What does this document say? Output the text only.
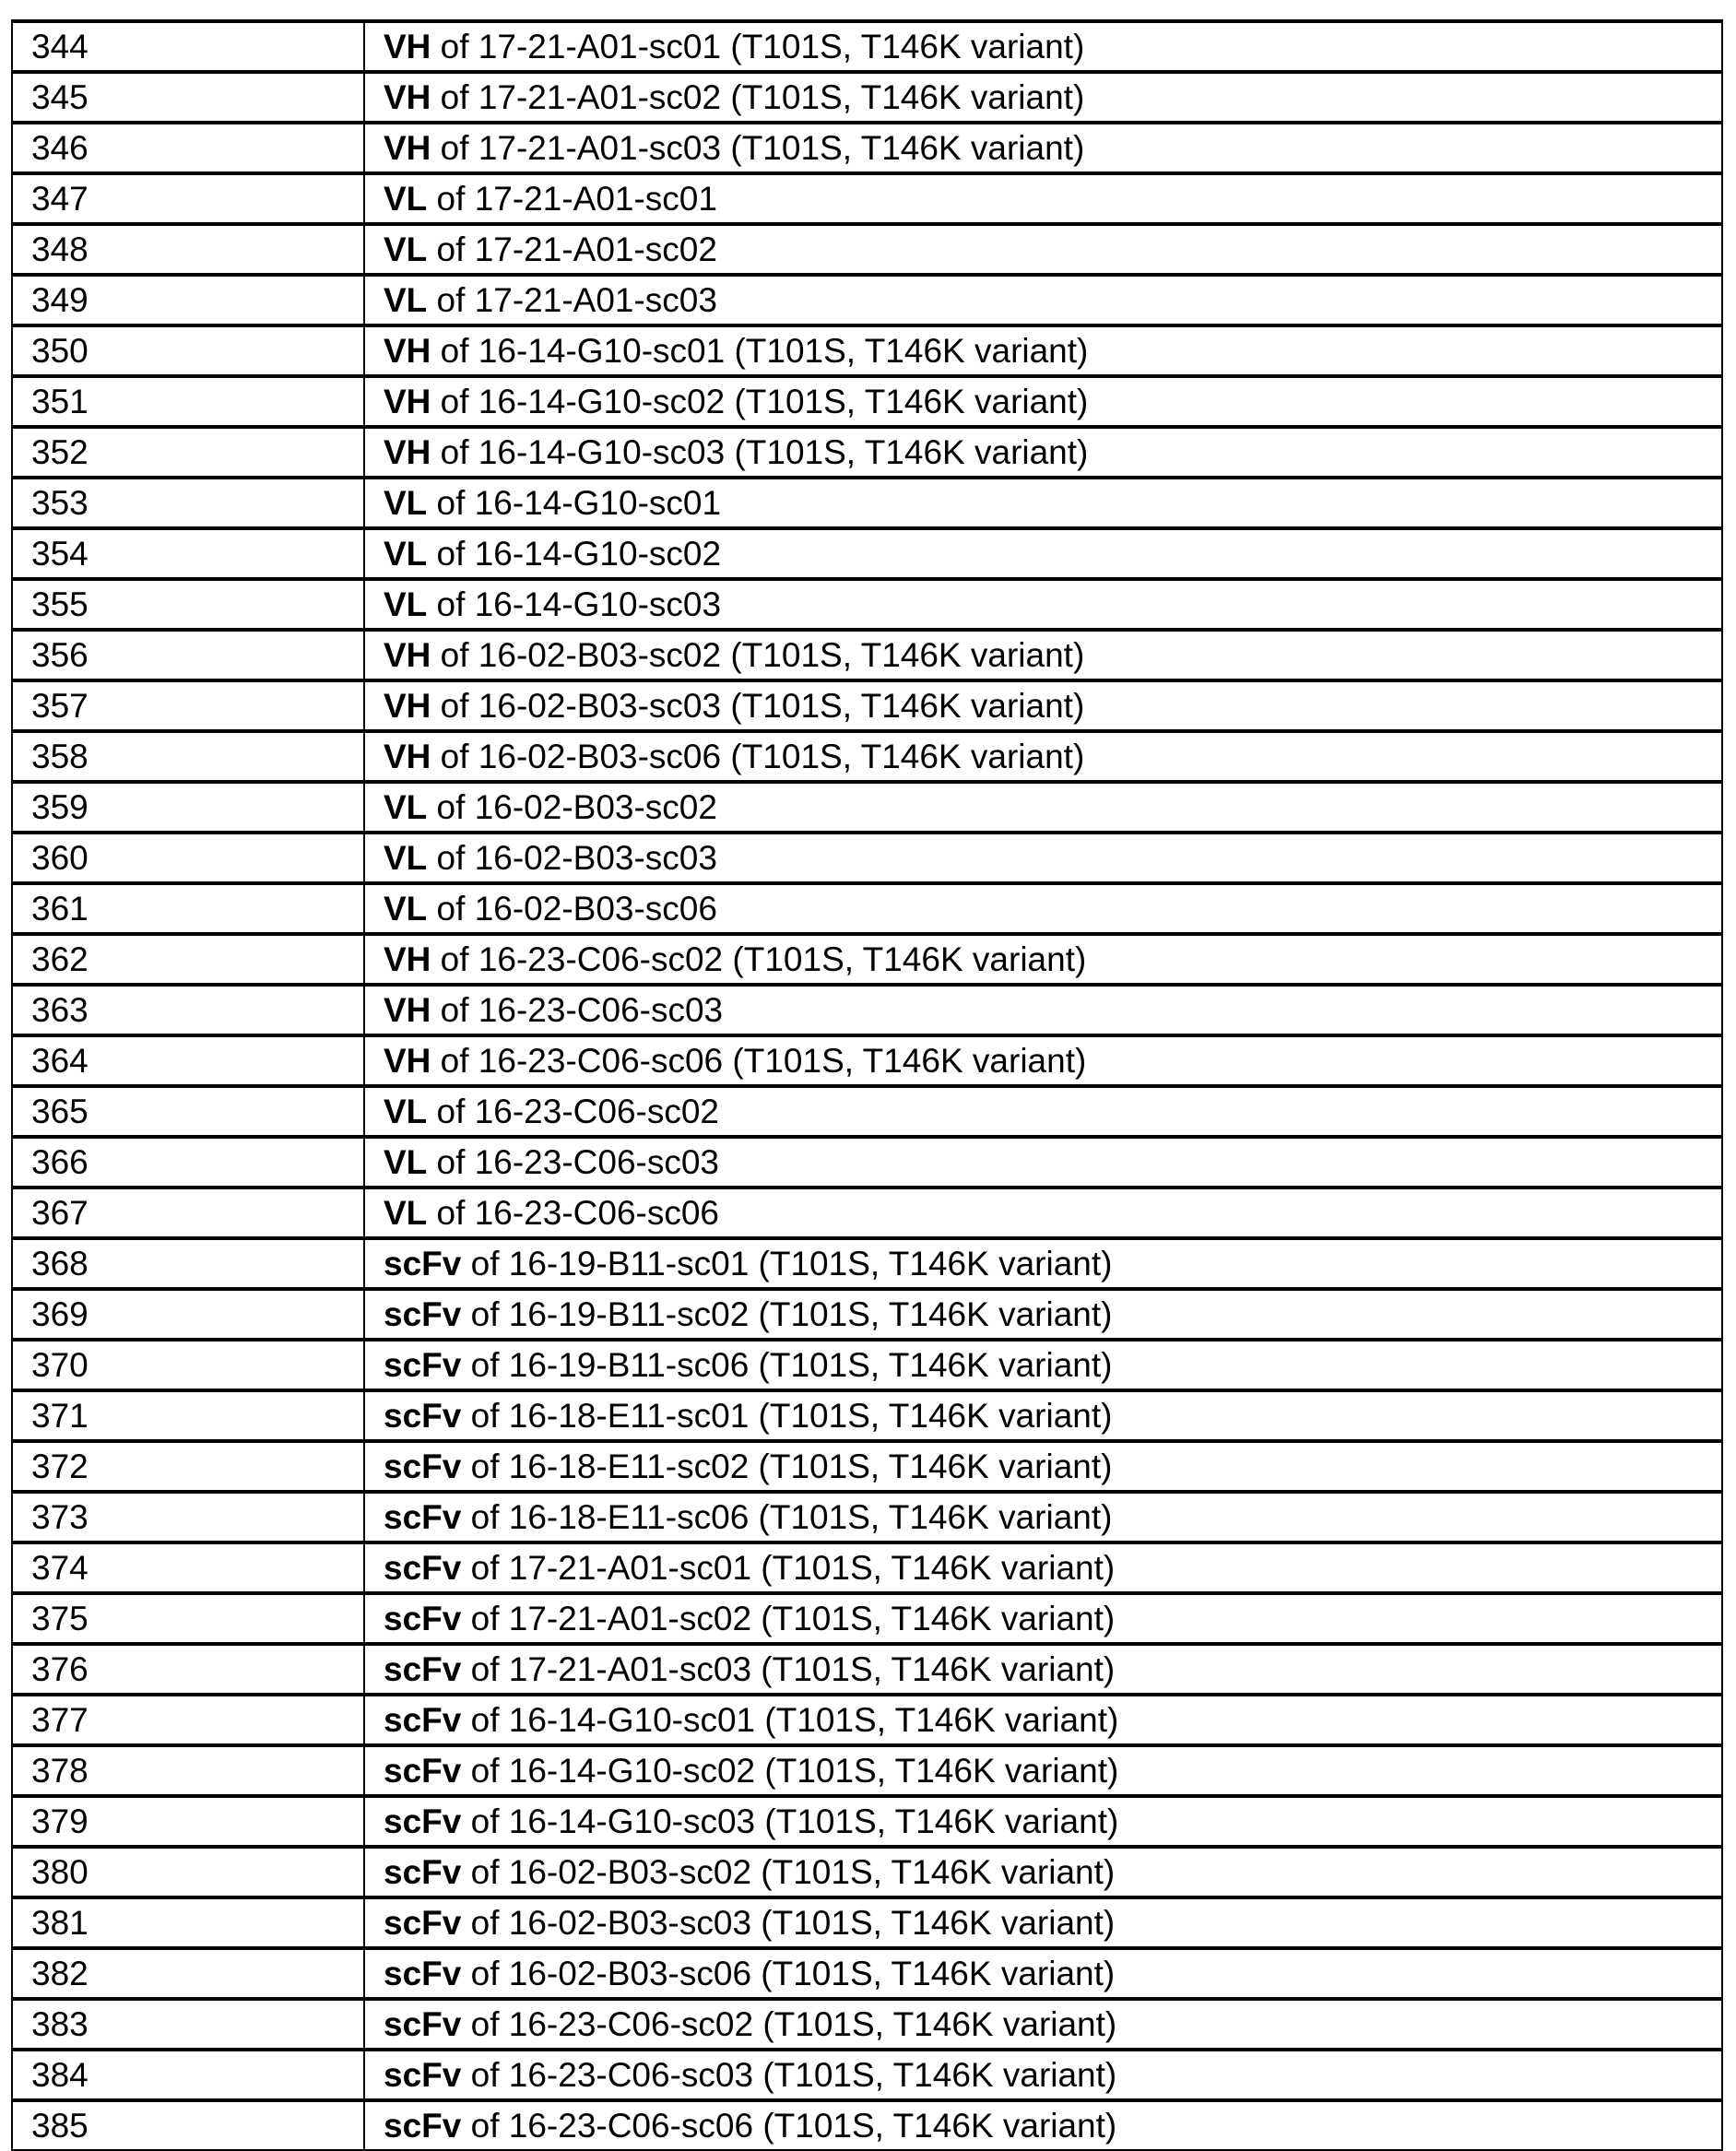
344	VH of 17-21-A01-sc01 (T101S, T146K variant)
345	VH of 17-21-A01-sc02 (T101S, T146K variant)
346	VH of 17-21-A01-sc03 (T101S, T146K variant)
347	VL of 17-21-A01-sc01
348	VL of 17-21-A01-sc02
349	VL of 17-21-A01-sc03
350	VH of 16-14-G10-sc01 (T101S, T146K variant)
351	VH of 16-14-G10-sc02 (T101S, T146K variant)
352	VH of 16-14-G10-sc03 (T101S, T146K variant)
353	VL of 16-14-G10-sc01
354	VL of 16-14-G10-sc02
355	VL of 16-14-G10-sc03
356	VH of 16-02-B03-sc02 (T101S, T146K variant)
357	VH of 16-02-B03-sc03 (T101S, T146K variant)
358	VH of 16-02-B03-sc06 (T101S, T146K variant)
359	VL of 16-02-B03-sc02
360	VL of 16-02-B03-sc03
361	VL of 16-02-B03-sc06
362	VH of 16-23-C06-sc02 (T101S, T146K variant)
363	VH of 16-23-C06-sc03
364	VH of 16-23-C06-sc06 (T101S, T146K variant)
365	VL of 16-23-C06-sc02
366	VL of 16-23-C06-sc03
367	VL of 16-23-C06-sc06
368	scFv of 16-19-B11-sc01 (T101S, T146K variant)
369	scFv of 16-19-B11-sc02 (T101S, T146K variant)
370	scFv of 16-19-B11-sc06 (T101S, T146K variant)
371	scFv of 16-18-E11-sc01 (T101S, T146K variant)
372	scFv of 16-18-E11-sc02 (T101S, T146K variant)
373	scFv of 16-18-E11-sc06 (T101S, T146K variant)
374	scFv of 17-21-A01-sc01 (T101S, T146K variant)
375	scFv of 17-21-A01-sc02 (T101S, T146K variant)
376	scFv of 17-21-A01-sc03 (T101S, T146K variant)
377	scFv of 16-14-G10-sc01 (T101S, T146K variant)
378	scFv of 16-14-G10-sc02 (T101S, T146K variant)
379	scFv of 16-14-G10-sc03 (T101S, T146K variant)
380	scFv of 16-02-B03-sc02 (T101S, T146K variant)
381	scFv of 16-02-B03-sc03 (T101S, T146K variant)
382	scFv of 16-02-B03-sc06 (T101S, T146K variant)
383	scFv of 16-23-C06-sc02 (T101S, T146K variant)
384	scFv of 16-23-C06-sc03 (T101S, T146K variant)
385	scFv of 16-23-C06-sc06 (T101S, T146K variant)
